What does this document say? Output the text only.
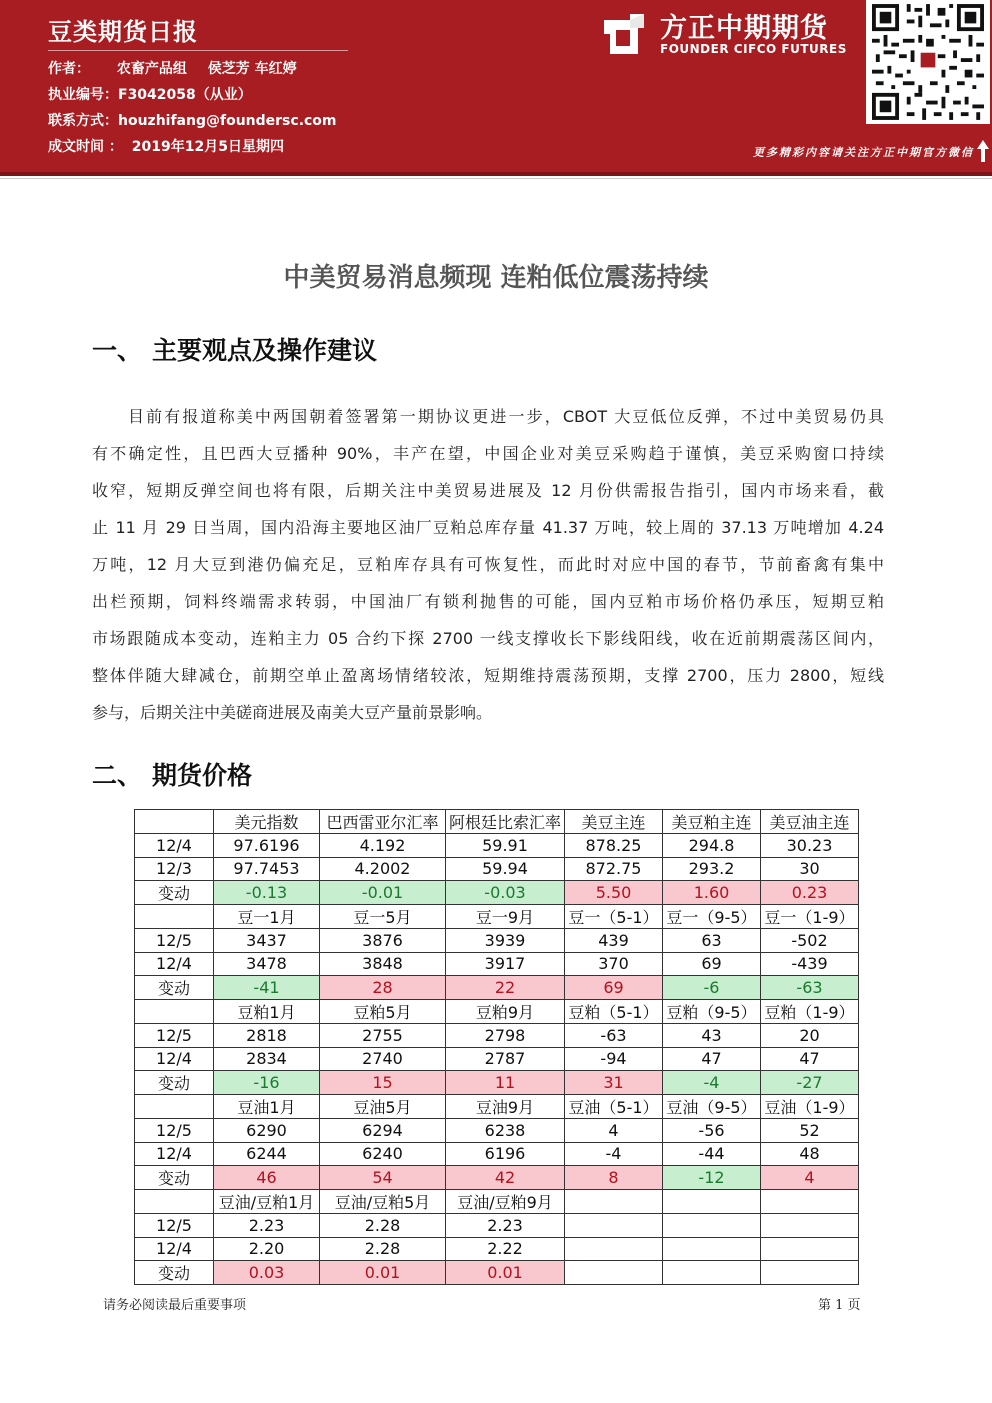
豆类期货日报
作者： 农畜产品组 侯芝芳 车红婷
执业编号：F3042058（从业）
联系方式：houzhifang@foundersc.com
成文时间 ： 2019年12月5日星期四
方正中期期货
FOUNDER CIFCO FUTURES
更多精彩内容请关注方正中期官方微信
中美贸易消息频现 连粕低位震荡持续
一、 主要观点及操作建议
目前有报道称美中两国朝着签署第一期协议更进一步，CBOT 大豆低位反弹，不过中美贸易仍具
有不确定性，且巴西大豆播种 90%，丰产在望，中国企业对美豆采购趋于谨慎，美豆采购窗口持续
收窄，短期反弹空间也将有限，后期关注中美贸易进展及 12 月份供需报告指引，国内市场来看，截
止 11 月 29 日当周，国内沿海主要地区油厂豆粕总库存量 41.37 万吨，较上周的 37.13 万吨增加 4.24
万吨，12 月大豆到港仍偏充足，豆粕库存具有可恢复性，而此时对应中国的春节，节前畜禽有集中
出栏预期，饲料终端需求转弱，中国油厂有锁利抛售的可能，国内豆粕市场价格仍承压，短期豆粕
市场跟随成本变动，连粕主力 05 合约下探 2700 一线支撑收长下影线阳线，收在近前期震荡区间内，
整体伴随大肆减仓，前期空单止盈离场情绪较浓，短期维持震荡预期，支撑 2700，压力 2800，短线
参与，后期关注中美磋商进展及南美大豆产量前景影响。
二、 期货价格
	美元指数	巴西雷亚尔汇率	阿根廷比索汇率	美豆主连	美豆粕主连	美豆油主连
12/4	97.6196	4.192	59.91	878.25	294.8	30.23
12/3	97.7453	4.2002	59.94	872.75	293.2	30
变动	-0.13	-0.01	-0.03	5.50	1.60	0.23
	豆一1月	豆一5月	豆一9月	豆一（5-1）	豆一（9-5）	豆一（1-9）
12/5	3437	3876	3939	439	63	-502
12/4	3478	3848	3917	370	69	-439
变动	-41	28	22	69	-6	-63
	豆粕1月	豆粕5月	豆粕9月	豆粕（5-1）	豆粕（9-5）	豆粕（1-9）
12/5	2818	2755	2798	-63	43	20
12/4	2834	2740	2787	-94	47	47
变动	-16	15	11	31	-4	-27
	豆油1月	豆油5月	豆油9月	豆油（5-1）	豆油（9-5）	豆油（1-9）
12/5	6290	6294	6238	4	-56	52
12/4	6244	6240	6196	-4	-44	48
变动	46	54	42	8	-12	4
	豆油/豆粕1月	豆油/豆粕5月	豆油/豆粕9月			
12/5	2.23	2.28	2.23			
12/4	2.20	2.28	2.22			
变动	0.03	0.01	0.01			
请务必阅读最后重要事项	第 1 页
